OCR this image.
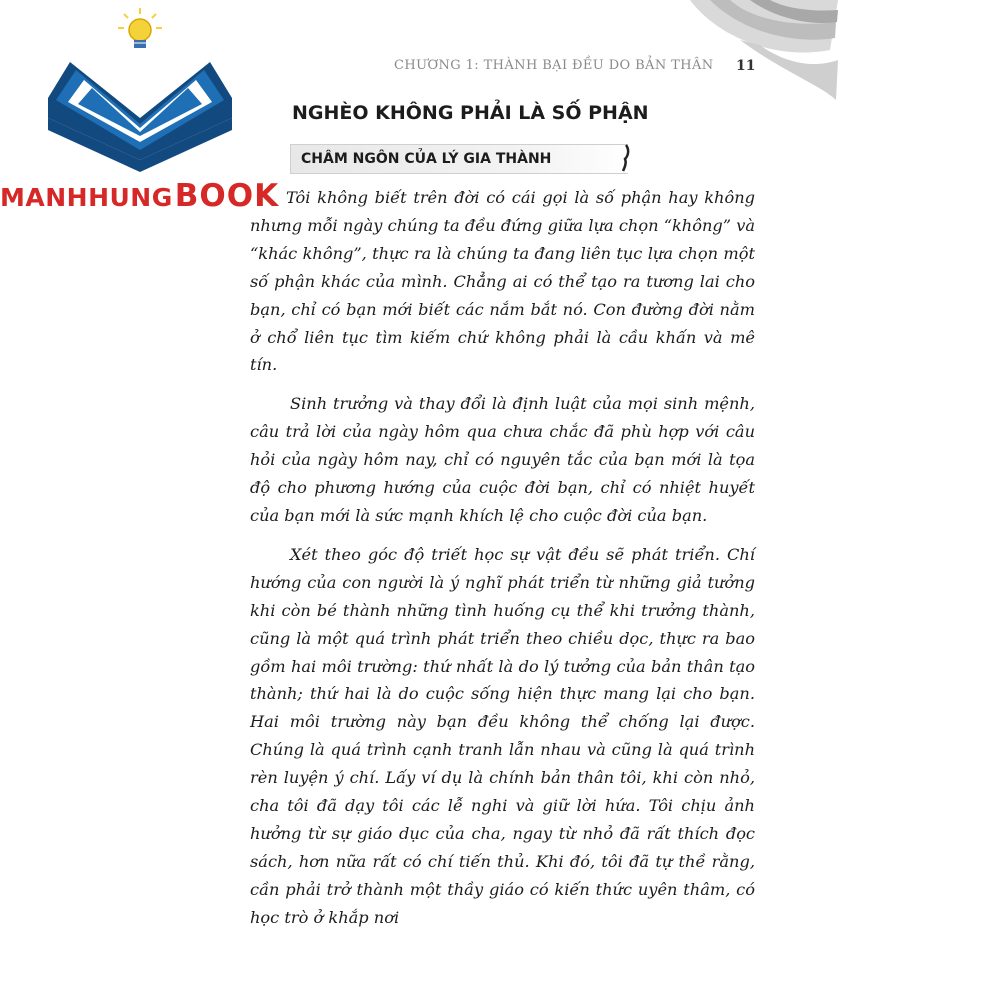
MANHHUNG BOOK
CHƯƠNG 1: THÀNH BẠI ĐỀU DO BẢN THÂN 11
NGHÈO KHÔNG PHẢI LÀ SỐ PHẬN
CHÂM NGÔN CỦA LÝ GIA THÀNH

Tôi không biết trên đời có cái gọi là số phận hay không nhưng mỗi ngày chúng ta đều đứng giữa lựa chọn “không” và “khác không”, thực ra là chúng ta đang liên tục lựa chọn một số phận khác của mình. Chẳng ai có thể tạo ra tương lai cho bạn, chỉ có bạn mới biết các nắm bắt nó. Con đường đời nằm ở chổ liên tục tìm kiếm chứ không phải là cầu khấn và mê tín.

Sinh trưởng và thay đổi là định luật của mọi sinh mệnh, câu trả lời của ngày hôm qua chưa chắc đã phù hợp với câu hỏi của ngày hôm nay, chỉ có nguyên tắc của bạn mới là tọa độ cho phương hướng của cuộc đời bạn, chỉ có nhiệt huyết của bạn mới là sức mạnh khích lệ cho cuộc đời của bạn.

Xét theo góc độ triết học sự vật đều sẽ phát triển. Chí hướng của con người là ý nghĩ phát triển từ những giả tưởng khi còn bé thành những tình huống cụ thể khi trưởng thành, cũng là một quá trình phát triển theo chiều dọc, thực ra bao gồm hai môi trường: thứ nhất là do lý tưởng của bản thân tạo thành; thứ hai là do cuộc sống hiện thực mang lại cho bạn. Hai môi trường này bạn đều không thể chống lại được. Chúng là quá trình cạnh tranh lẫn nhau và cũng là quá trình rèn luyện ý chí. Lấy ví dụ là chính bản thân tôi, khi còn nhỏ, cha tôi đã dạy tôi các lễ nghi và giữ lời hứa. Tôi chịu ảnh hưởng từ sự giáo dục của cha, ngay từ nhỏ đã rất thích đọc sách, hơn nữa rất có chí tiến thủ. Khi đó, tôi đã tự thề rằng, cần phải trở thành một thầy giáo có kiến thức uyên thâm, có học trò ở khắp nơi
